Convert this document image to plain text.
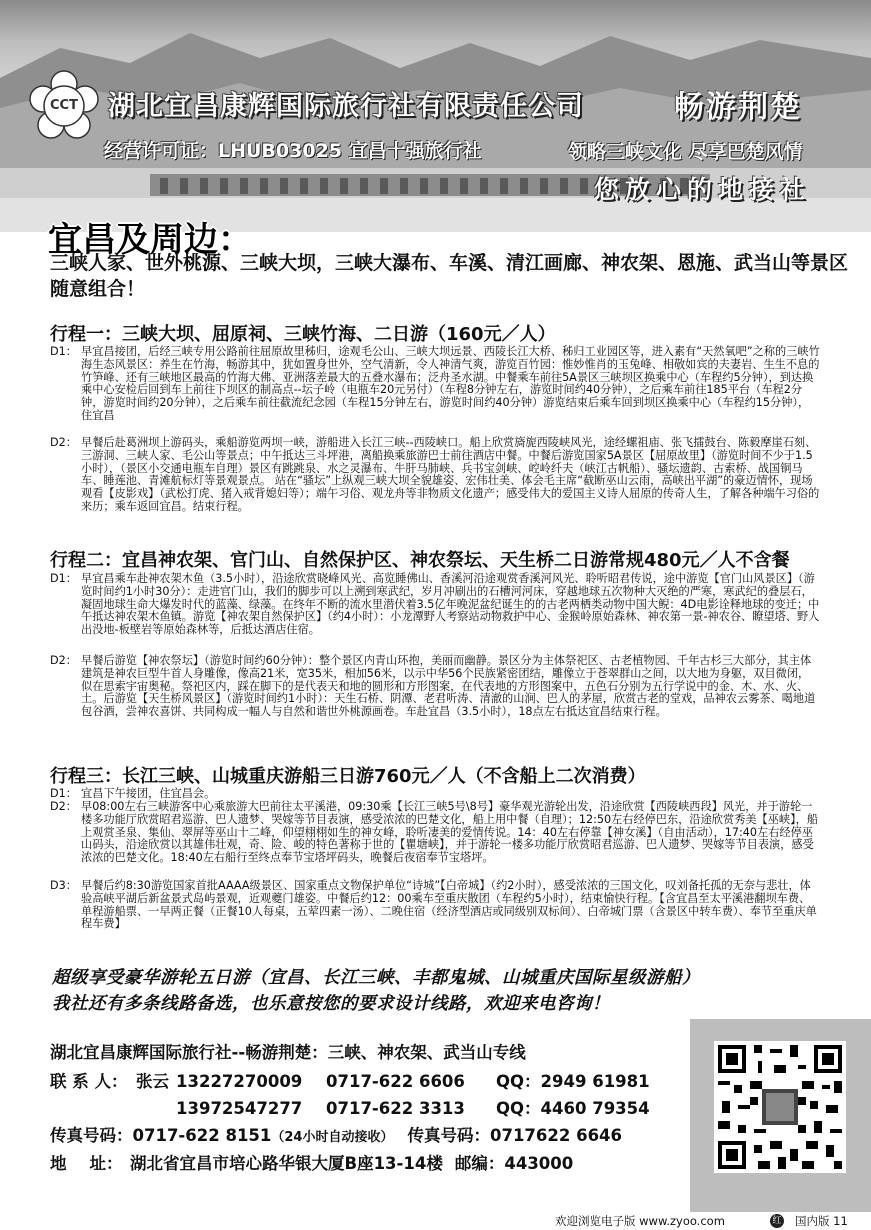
CCT 湖北宜昌康辉国际旅行社有限责任公司	畅游荆楚
经营许可证：LHUB03025 宜昌十强旅行社	领略三峡文化 尽享巴楚风情
您放心的地接社
宜昌及周边：
三峡人家、世外桃源、三峡大坝，三峡大瀑布、车溪、清江画廊、神农架、恩施、武当山等景区随意组合！
行程一：三峡大坝、屈原祠、三峡竹海、二日游（160元／人）
D1： 早宜昌接团，后经三峡专用公路前往屈原故里秭归，途观毛公山、三峡大坝远景、西陵长江大桥、秭归工业园区等，进入素有“天然氧吧”之称的三峡竹海生态风景区：养生在竹海，畅游其中，犹如置身世外，空气清新，令人神清气爽，游览百竹园：惟妙惟肖的玉兔峰、相敬如宾的夫妻岩、生生不息的竹笋峰、还有三峡地区最高的竹海大佛、亚洲落差最大的五叠水瀑布；泛舟圣水湖。中餐乘车前往5A景区三峡坝区换乘中心（车程约5分钟），到达换乘中心安检后回到车上前往下坝区的制高点--坛子岭（电瓶车20元另付）（车程8分钟左右，游览时间约40分钟），之后乘车前往185平台（车程2分钟，游览时间约20分钟），之后乘车前往截流纪念园（车程15分钟左右，游览时间约40分钟）游览结束后乘车回到坝区换乘中心（车程约15分钟），住宜昌
D2： 早餐后赴葛洲坝上游码头，乘船游览两坝一峡，游船进入长江三峡--西陵峡口。船上欣赏旖旎西陵峡风光，途经螺祖庙、张飞擂鼓台、陈毅摩崖石刻、三游洞、三峡人家、毛公山等景点；中午抵达三斗坪港，离船换乘旅游巴士前往酒店中餐。中餐后游览国家5A景区【屈原故里】（游览时间不少于1.5小时），（景区小交通电瓶车自理）景区有跳跳泉、水之灵瀑布、牛肝马肺峡、兵书宝剑峡、崆岭纤夫（峡江古帆船）、骚坛遗韵、古索桥、战国铜马车、睡莲池、青滩航标灯等景观景点。 站在“骚坛”上纵观三峡大坝全貌雄姿、宏伟壮美、体会毛主席“截断巫山云雨，高峡出平湖”的豪迈情怀，现场观看【皮影戏】（武松打虎、猪入戒背媳妇等）；端午习俗、观龙舟等非物质文化遗产；感受伟大的爱国主义诗人屈原的传奇人生，了解各种端午习俗的来历；乘车返回宜昌。结束行程。
行程二：宜昌神农架、官门山、自然保护区、神农祭坛、天生桥二日游常规480元／人不含餐
D1： 早宜昌乘车赴神农架木鱼（3.5小时），沿途欣赏晓峰风光、高览睡佛山、香溪河沿途观赏香溪河风光、聆听昭君传说，途中游览【官门山风景区】（游览时间约1小时30分）：走进官门山，我们的脚步可以上溯到寒武纪，岁月冲刷出的石槽河河床，穿越地球五次物种大灭绝的严寒，寒武纪的叠层石，凝固地球生命大爆发时代的蓝藻、绿藻。在终年不断的流水里潜伏着3.5亿年晚泥盆纪诞生的的古老两栖类动物中国大鲵：4D电影诠释地球的变迁；中午抵达神农架木鱼镇。游览【神农架自然保护区】（约4小时）：小龙潭野人考察站动物救护中心、金猴岭原始森林、神农第一景-神农谷、瞭望塔、野人出没地-板壁岩等原始森林等，后抵达酒店住宿。
D2： 早餐后游览【神农祭坛】（游览时间约60分钟）：整个景区内青山环抱，美丽而幽静。景区分为主体祭祀区、古老植物园、千年古杉三大部分，其主体建筑是神农巨型牛首人身雕像，像高21米，宽35米，相加56米，以示中华56个民族紧密团结，雕像立于苍翠群山之间，以大地为身躯，双目微闭，似在思索宇宙奥秘。祭祀区内，踩在脚下的是代表天和地的圆形和方形图案，在代表地的方形图案中，五色石分别为五行学说中的金、木、水、火、土。后游览【天生桥风景区】（游览时间约1小时）：天生石桥、阴潭、老君听涛、清澈的山涧、巴人的茅屋，欣赏古老的堂戏，品神农云雾茶、喝地道包谷酒，尝神农喜饼、共同构成一幅人与自然和谐世外桃源画卷。车赴宜昌（3.5小时），18点左右抵达宜昌结束行程。
行程三：长江三峡、山城重庆游船三日游760元／人（不含船上二次消费）
D1： 宜昌下午接团，住宜昌会。
D2： 早08:00左右三峡游客中心乘旅游大巴前往太平溪港，09:30乘【长江三峡5号\8号】豪华观光游轮出发，沿途欣赏【西陵峡西段】风光，并于游轮一楼多功能厅欣赏昭君巡游、巴人遗梦、哭嫁等节目表演，感受浓浓的巴楚文化，船上用中餐（自理）；12:50左右经停巴东，沿途欣赏秀美【巫峡】，船上观赏圣泉、集仙、翠屏等巫山十二峰，仰望栩栩如生的神女峰，聆听凄美的爱情传说。14：40左右停靠【神女溪】（自由活动），17:40左右经停巫山码头，沿途欣赏以其雄伟壮观，奇、险、峻的特色著称于世的【瞿塘峡】，并于游轮一楼多功能厅欣赏昭君巡游、巴人遗梦、哭嫁等节目表演，感受浓浓的巴楚文化。18:40左右船行至终点奉节宝塔坪码头，晚餐后夜宿奉节宝塔坪。
D3： 早餐后约8:30游览国家首批AAAA级景区、国家重点文物保护单位“诗城”【白帝城】（约2小时），感受浓浓的三国文化，叹刘备托孤的无奈与悲壮，体验高峡平湖后新盆景式岛屿景观，近观夔门雄姿。中餐后约12：00乘车至重庆散团（车程约5小时），结束愉快行程。【含宜昌至太平溪港翻坝车费、单程游船票、一早两正餐（正餐10人每桌，五荤四素一汤）、二晚住宿（经济型酒店或同级别双标间）、白帝城门票（含景区中转车费）、奉节至重庆单程车费】
超级享受豪华游轮五日游（宜昌、长江三峡、丰都鬼城、山城重庆国际星级游船）
我社还有多条线路备选，也乐意按您的要求设计线路，欢迎来电咨询！
湖北宜昌康辉国际旅行社--畅游荆楚：三峡、神农架、武当山专线
联 系 人： 张云 13227270009 0717-622 6606 QQ：2949 61981
13972547277 0717-622 3313 QQ：4460 79354
传真号码：0717-622 8151（24小时自动接收） 传真号码：0717622 6646
地    址： 湖北省宜昌市培心路华银大厦B座13-14楼 邮编：443000
欢迎浏览电子版 www.zyoo.com	红 国内版 11
